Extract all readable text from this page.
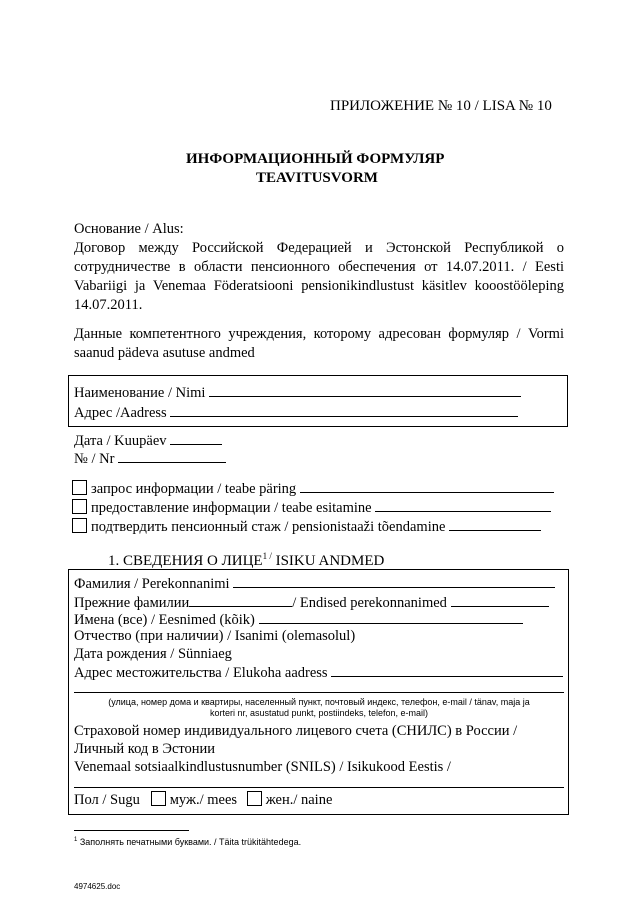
ПРИЛОЖЕНИЕ № 10 / LISA № 10
ИНФОРМАЦИОННЫЙ ФОРМУЛЯР
TEAVITUSVORM
Основание / Alus:
Договор между Российской Федерацией и Эстонской Республикой о
сотрудничестве в области пенсионного обеспечения от 14.07.2011. / Eesti
Vabariigi ja Venemaa Föderatsiooni pensionikindlustust käsitlev kooostööleping
14.07.2011.
Данные компетентного учреждения, которому адресован формуляр / Vormi
saanud pädeva asutuse andmed
Наименование / Nimi
Адрес /Aadress
Дата / Kuupäev
№ / Nr
запрос информации / teabe päring
предоставление информации / teabe esitamine
подтвердить пенсионный стаж / pensionistaaži tõendamine
1. СВЕДЕНИЯ О $ЛИЦЕ^{1 /}$ ISIKU ANDMED
Фамилия / Perekonnanimi
Прежние фамилии	/ Endised perekonnanimed
Имена (все) / Eesnimed (kõik)
Отчество (при наличии) / Isanimi (olemasolul)
Дата рождения / Sünniaeg
Адрес местожительства / Elukoha aadress
(улица, номер дома и квартиры, населенный пункт, почтовый индекс, телефон, e-mail / tänav, maja ja
korteri nr, asustatud punkt, postiindeks, telefon, e-mail)
Страховой номер индивидуального лицевого счета (СНИЛС) в России /
Личный код в Эстонии
Venemaal sotsiaalkindlustusnumber (SNILS) / Isikukood Eestis /
Пол / Sugu муж./ mees жен./ naine
$^1$ Заполнять печатными буквами. / Täita trükitähtedega.
4974625.doc
